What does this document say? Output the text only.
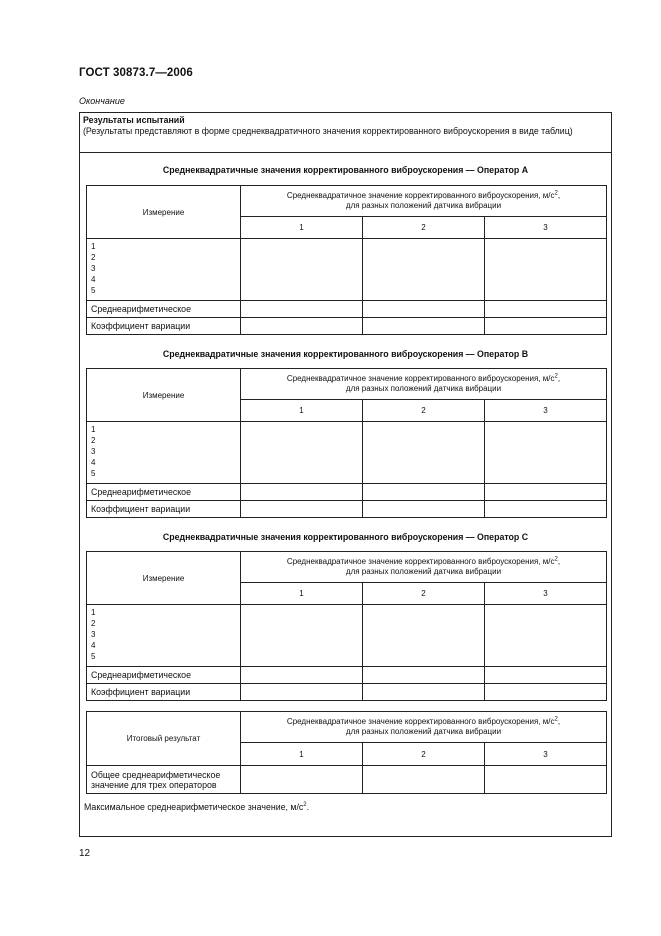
ГОСТ 30873.7—2006
Окончание
Результаты испытаний
(Результаты представляют в форме среднеквадратичного значения корректированного виброускорения в виде таблиц)
Среднеквадратичные значения корректированного виброускорения — Оператор А
Измерение	Среднеквадратичное значение корректированного виброускорения, $м/с^2$,
для разных положений датчика вибрации		
	1	2	3

1
2
3
4
5			

Среднеарифметическое			
Коэффициент вариации			
Среднеквадратичные значения корректированного виброускорения — Оператор В
Измерение	Среднеквадратичное значение корректированного виброускорения, $м/с^2$,
для разных положений датчика вибрации		
	1	2	3

1
2
3
4
5			

Среднеарифметическое			
Коэффициент вариации			
Среднеквадратичные значения корректированного виброускорения — Оператор С
Измерение	Среднеквадратичное значение корректированного виброускорения, $м/с^2$,
для разных положений датчика вибрации		
	1	2	3

1
2
3
4
5			

Среднеарифметическое			
Коэффициент вариации			
Итоговый результат	Среднеквадратичное значение корректированного виброускорения, $м/с^2$,
для разных положений датчика вибрации		
	1	2	3

Общее среднеарифметическое
значение для трех операторов			

Максимальное среднеарифметическое значение, $м/с^2$.
12
